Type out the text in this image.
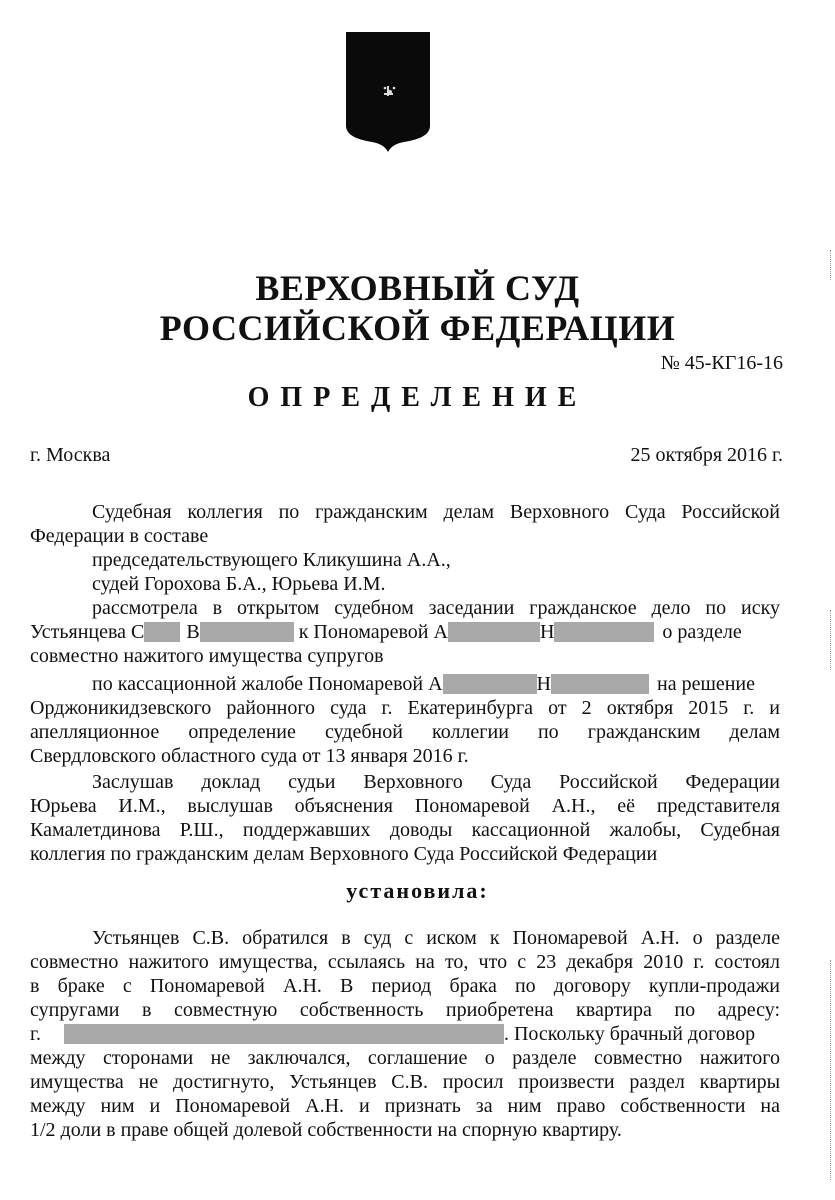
ВЕРХОВНЫЙ СУД
РОССИЙСКОЙ ФЕДЕРАЦИИ
№ 45-КГ16-16
ОПРЕДЕЛЕНИЕ
г. Москва	25 октября 2016 г.
Судебная коллегия по гражданским делам Верховного Суда Российской
Федерации в составе
председательствующего Кликушина А.А.,
судей Горохова Б.А., Юрьева И.М.
рассмотрела в открытом судебном заседании гражданское дело по иску
Устьянцева С В	к Пономаревой А	Н	о разделе
совместно нажитого имущества супругов
по кассационной жалобе Пономаревой А	Н	на решение
Орджоникидзевского районного суда г. Екатеринбурга от 2 октября 2015 г. и
апелляционное определение судебной коллегии по гражданским делам
Свердловского областного суда от 13 января 2016 г.
Заслушав доклад судьи Верховного Суда Российской Федерации
Юрьева И.М., выслушав объяснения Пономаревой А.Н., её представителя
Камалетдинова Р.Ш., поддержавших доводы кассационной жалобы, Судебная
коллегия по гражданским делам Верховного Суда Российской Федерации
установила:
Устьянцев С.В. обратился в суд с иском к Пономаревой А.Н. о разделе
совместно нажитого имущества, ссылаясь на то, что с 23 декабря 2010 г. состоял
в браке с Пономаревой А.Н. В период брака по договору купли-продажи
супругами в совместную собственность приобретена квартира по адресу:
г.	. Поскольку брачный договор
между сторонами не заключался, соглашение о разделе совместно нажитого
имущества не достигнуто, Устьянцев С.В. просил произвести раздел квартиры
между ним и Пономаревой А.Н. и признать за ним право собственности на
1/2 доли в праве общей долевой собственности на спорную квартиру.
